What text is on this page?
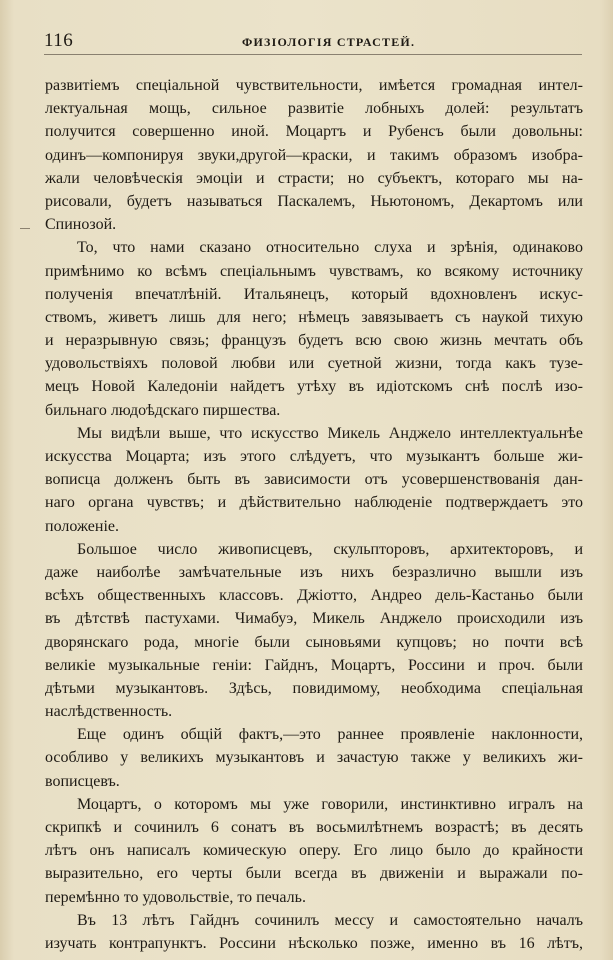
116	ФИЗIОЛОГIЯ СТРАСТЕЙ.
развитiемъ спецiальной чувствительности, имѣется громадная интел-
лектуальная мощь, сильное развитiе лобныхъ долей: результатъ
получится совершенно иной. Моцартъ и Рубенсъ были довольны:
одинъ—компонируя звуки,другой—краски, и такимъ образомъ изобра-
жали человѣческiя эмоцiи и страсти; но субъектъ, котораго мы на-
рисовали, будетъ называться Паскалемъ, Ньютономъ, Декартомъ или
Спинозой.
То, что нами сказано относительно слуха и зрѣнiя, одинаково
примѣнимо ко всѣмъ спецiальнымъ чувствамъ, ко всякому источнику
полученiя впечатлѣнiй. Итальянецъ, который вдохновленъ искус-
ствомъ, живетъ лишь для него; нѣмецъ завязываетъ съ наукой тихую
и неразрывную связь; французъ будетъ всю свою жизнь мечтать объ
удовольствiяхъ половой любви или суетной жизни, тогда какъ тузе-
мецъ Новой Каледонiи найдетъ утѣху въ идiотскомъ снѣ послѣ изо-
бильнаго людоѣдскаго пиршества.
Мы видѣли выше, что искусство Микель Анджело интеллектуальнѣе
искусства Моцарта; изъ этого слѣдуетъ, что музыкантъ больше жи-
вописца долженъ быть въ зависимости отъ усовершенствованiя дан-
наго органа чувствъ; и дѣйствительно наблюденiе подтверждаетъ это
положенiе.
Большое число живописцевъ, скульпторовъ, архитекторовъ, и
даже наиболѣе замѣчательные изъ нихъ безразлично вышли изъ
всѣхъ общественныхъ классовъ. Джiотто, Андрео дель-Кастаньо были
въ дѣтствѣ пастухами. Чимабуэ, Микель Анджело происходили изъ
дворянскаго рода, многiе были сыновьями купцовъ; но почти всѣ
великiе музыкальные генiи: Гайднъ, Моцартъ, Россини и проч. были
дѣтьми музыкантовъ. Здѣсь, повидимому, необходима спецiальная
наслѣдственность.
Еще одинъ общiй фактъ,—это раннее проявленiе наклонности,
особливо у великихъ музыкантовъ и зачастую также у великихъ жи-
вописцевъ.
Моцартъ, о которомъ мы уже говорили, инстинктивно игралъ на
скрипкѣ и сочинилъ 6 сонатъ въ восьмилѣтнемъ возрастѣ; въ десять
лѣтъ онъ написалъ комическую оперу. Его лицо было до крайности
выразительно, его черты были всегда въ движенiи и выражали по-
перемѣнно то удовольствiе, то печаль.
Въ 13 лѣтъ Гайднъ сочинилъ мессу и самостоятельно началъ
изучать контрапунктъ. Россини нѣсколько позже, именно въ 16 лѣтъ,
